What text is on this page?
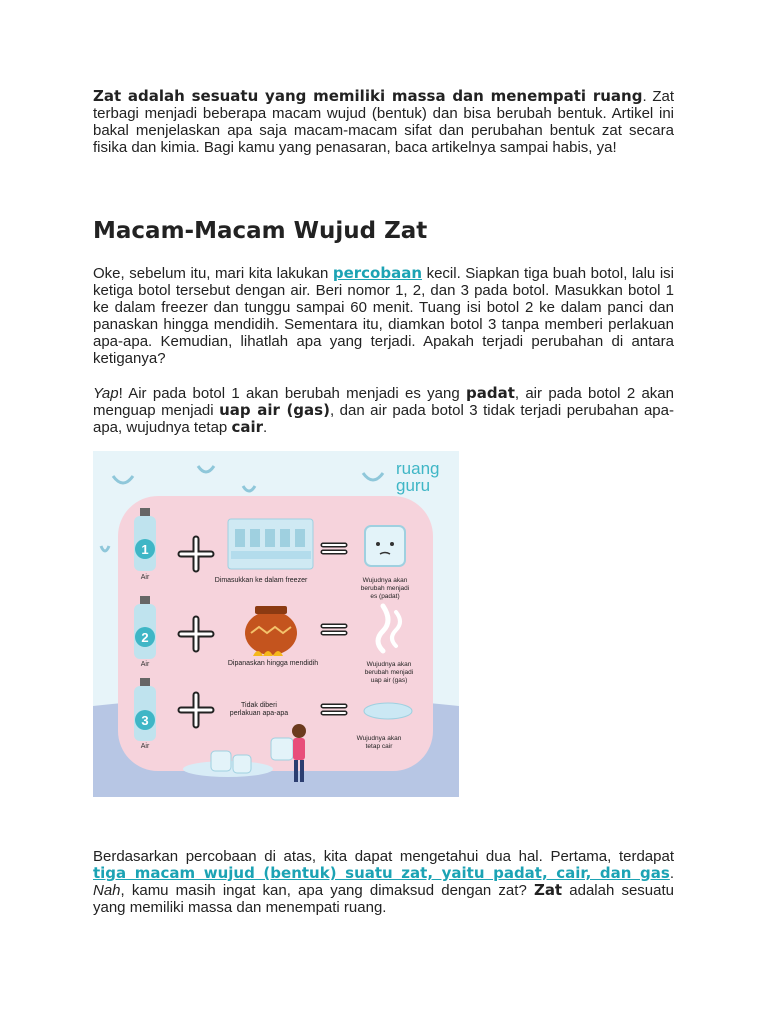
Zat adalah sesuatu yang memiliki massa dan menempati ruang. Zat terbagi menjadi beberapa macam wujud (bentuk) dan bisa berubah bentuk. Artikel ini bakal menjelaskan apa saja macam-macam sifat dan perubahan bentuk zat secara fisika dan kimia. Bagi kamu yang penasaran, baca artikelnya sampai habis, ya!

Macam-Macam Wujud Zat

Oke, sebelum itu, mari kita lakukan percobaan kecil. Siapkan tiga buah botol, lalu isi ketiga botol tersebut dengan air. Beri nomor 1, 2, dan 3 pada botol. Masukkan botol 1 ke dalam freezer dan tunggu sampai 60 menit. Tuang isi botol 2 ke dalam panci dan panaskan hingga mendidih. Sementara itu, diamkan botol 3 tanpa memberi perlakuan apa-apa. Kemudian, lihatlah apa yang terjadi. Apakah terjadi perubahan di antara ketiganya?

Yap! Air pada botol 1 akan berubah menjadi es yang padat, air pada botol 2 akan menguap menjadi uap air (gas), dan air pada botol 3 tidak terjadi perubahan apa-apa, wujudnya tetap cair.

ruang
guru
1
Air	Dimasukkan ke dalam freezer	Wujudnya akan
berubah menjadi
es (padat)
2
Air	Dipanaskan hingga mendidih	Wujudnya akan
berubah menjadi
uap air (gas)
3
Air
Tidak diberi
perlakuan apa-apa
Wujudnya akan
tetap cair

Berdasarkan percobaan di atas, kita dapat mengetahui dua hal. Pertama, terdapat tiga macam wujud (bentuk) suatu zat, yaitu padat, cair, dan gas. Nah, kamu masih ingat kan, apa yang dimaksud dengan zat? Zat adalah sesuatu yang memiliki massa dan menempati ruang.
